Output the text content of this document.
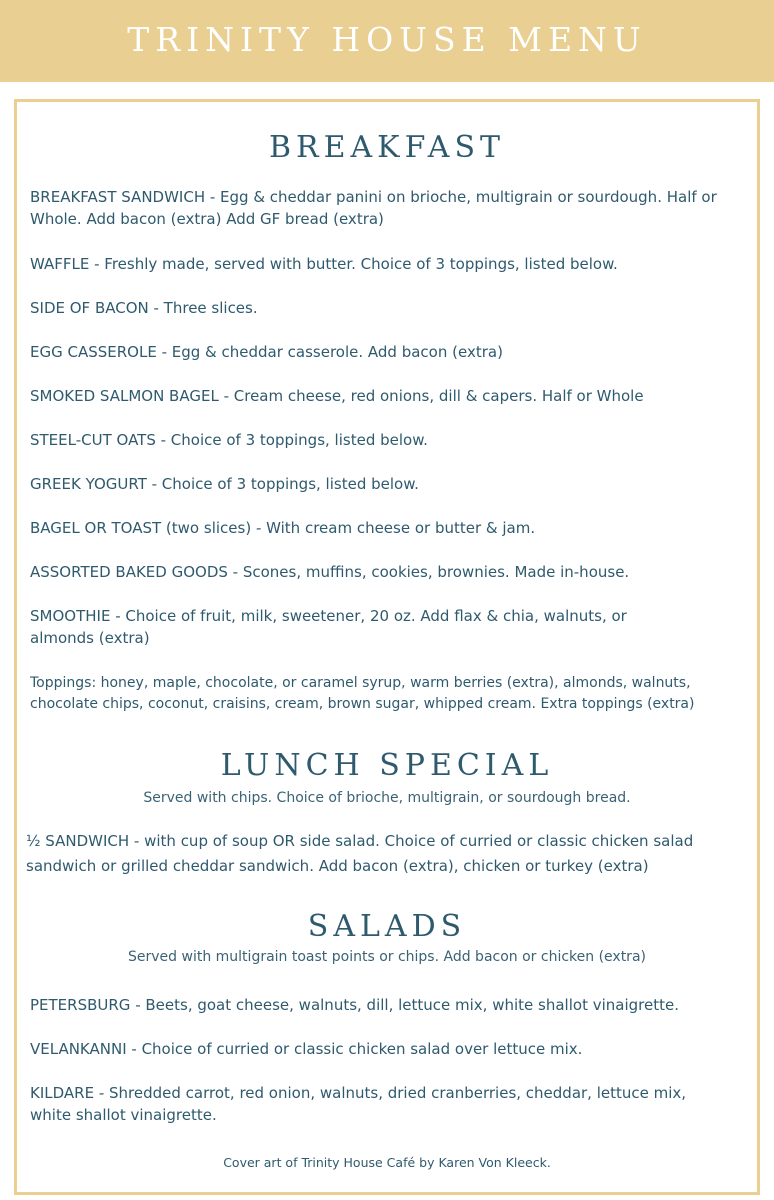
TRINITY HOUSE MENU
BREAKFAST
BREAKFAST SANDWICH - Egg & cheddar panini on brioche, multigrain or sourdough. Half or Whole. Add bacon (extra) Add GF bread (extra)
WAFFLE - Freshly made, served with butter. Choice of 3 toppings, listed below.
SIDE OF BACON - Three slices.
EGG CASSEROLE - Egg & cheddar casserole. Add bacon (extra)
SMOKED SALMON BAGEL - Cream cheese, red onions, dill & capers. Half or Whole
STEEL-CUT OATS - Choice of 3 toppings, listed below.
GREEK YOGURT - Choice of 3 toppings, listed below.
BAGEL OR TOAST (two slices) - With cream cheese or butter & jam.
ASSORTED BAKED GOODS - Scones, muffins, cookies, brownies. Made in-house.
SMOOTHIE - Choice of fruit, milk, sweetener, 20 oz. Add flax & chia, walnuts, or almonds (extra)
Toppings: honey, maple, chocolate, or caramel syrup, warm berries (extra), almonds, walnuts, chocolate chips, coconut, craisins, cream, brown sugar, whipped cream. Extra toppings (extra)
LUNCH SPECIAL
Served with chips. Choice of brioche, multigrain, or sourdough bread.
½ SANDWICH - with cup of soup OR side salad. Choice of curried or classic chicken salad sandwich or grilled cheddar sandwich. Add bacon (extra), chicken or turkey (extra)
SALADS
Served with multigrain toast points or chips. Add bacon or chicken (extra)
PETERSBURG - Beets, goat cheese, walnuts, dill, lettuce mix, white shallot vinaigrette.
VELANKANNI - Choice of curried or classic chicken salad over lettuce mix.
KILDARE - Shredded carrot, red onion, walnuts, dried cranberries, cheddar, lettuce mix, white shallot vinaigrette.
Cover art of Trinity House Café by Karen Von Kleeck.
